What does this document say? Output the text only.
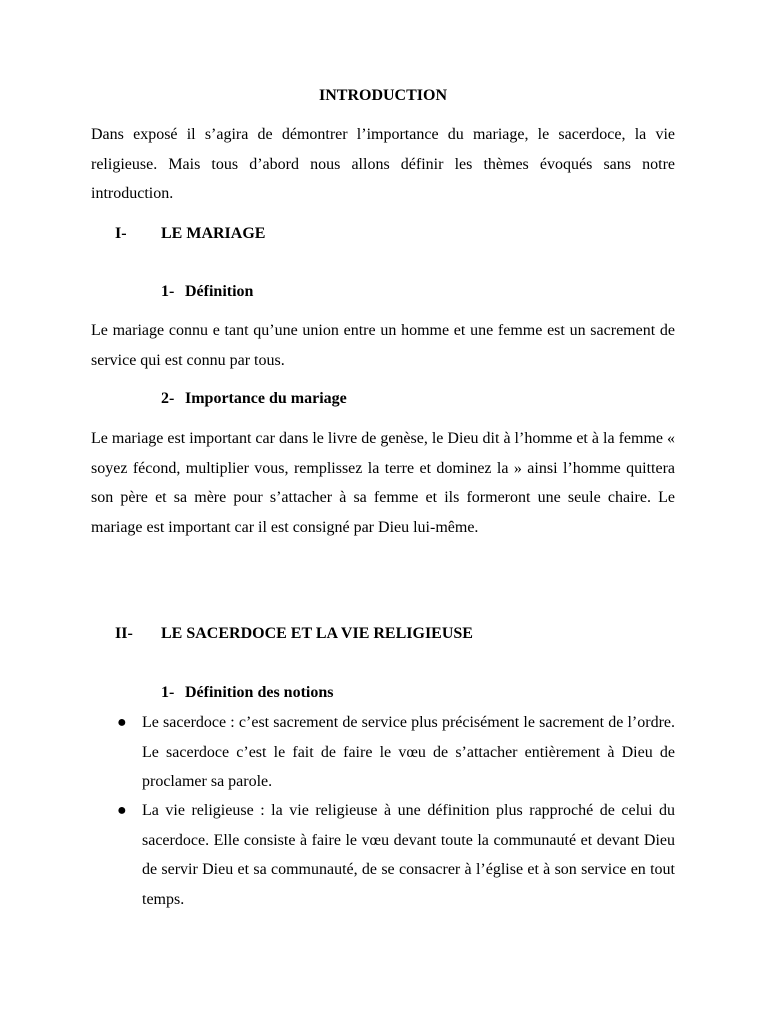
INTRODUCTION

Dans exposé il s’agira de démontrer l’importance du mariage, le sacerdoce, la vie religieuse. Mais tous d’abord nous allons définir les thèmes évoqués sans notre introduction.

I- LE MARIAGE
1- Définition

Le mariage connu e tant qu’une union entre un homme et une femme est un sacrement de service qui est connu par tous.

2- Importance du mariage

Le mariage est important car dans le livre de genèse, le Dieu dit à l’homme et à la femme « soyez fécond, multiplier vous, remplissez la terre et dominez la » ainsi l’homme quittera son père et sa mère pour s’attacher à sa femme et ils formeront une seule chaire. Le mariage est important car il est consigné par Dieu lui-même.

II- LE SACERDOCE ET LA VIE RELIGIEUSE
1- Définition des notions
● Le sacerdoce : c’est sacrement de service plus précisément le sacrement de l’ordre. Le sacerdoce c’est le fait de faire le vœu de s’attacher entièrement à Dieu de proclamer sa parole.

● La vie religieuse : la vie religieuse à une définition plus rapproché de celui du sacerdoce. Elle consiste à faire le vœu devant toute la communauté et devant Dieu de servir Dieu et sa communauté, de se consacrer à l’église et à son service en tout temps.
